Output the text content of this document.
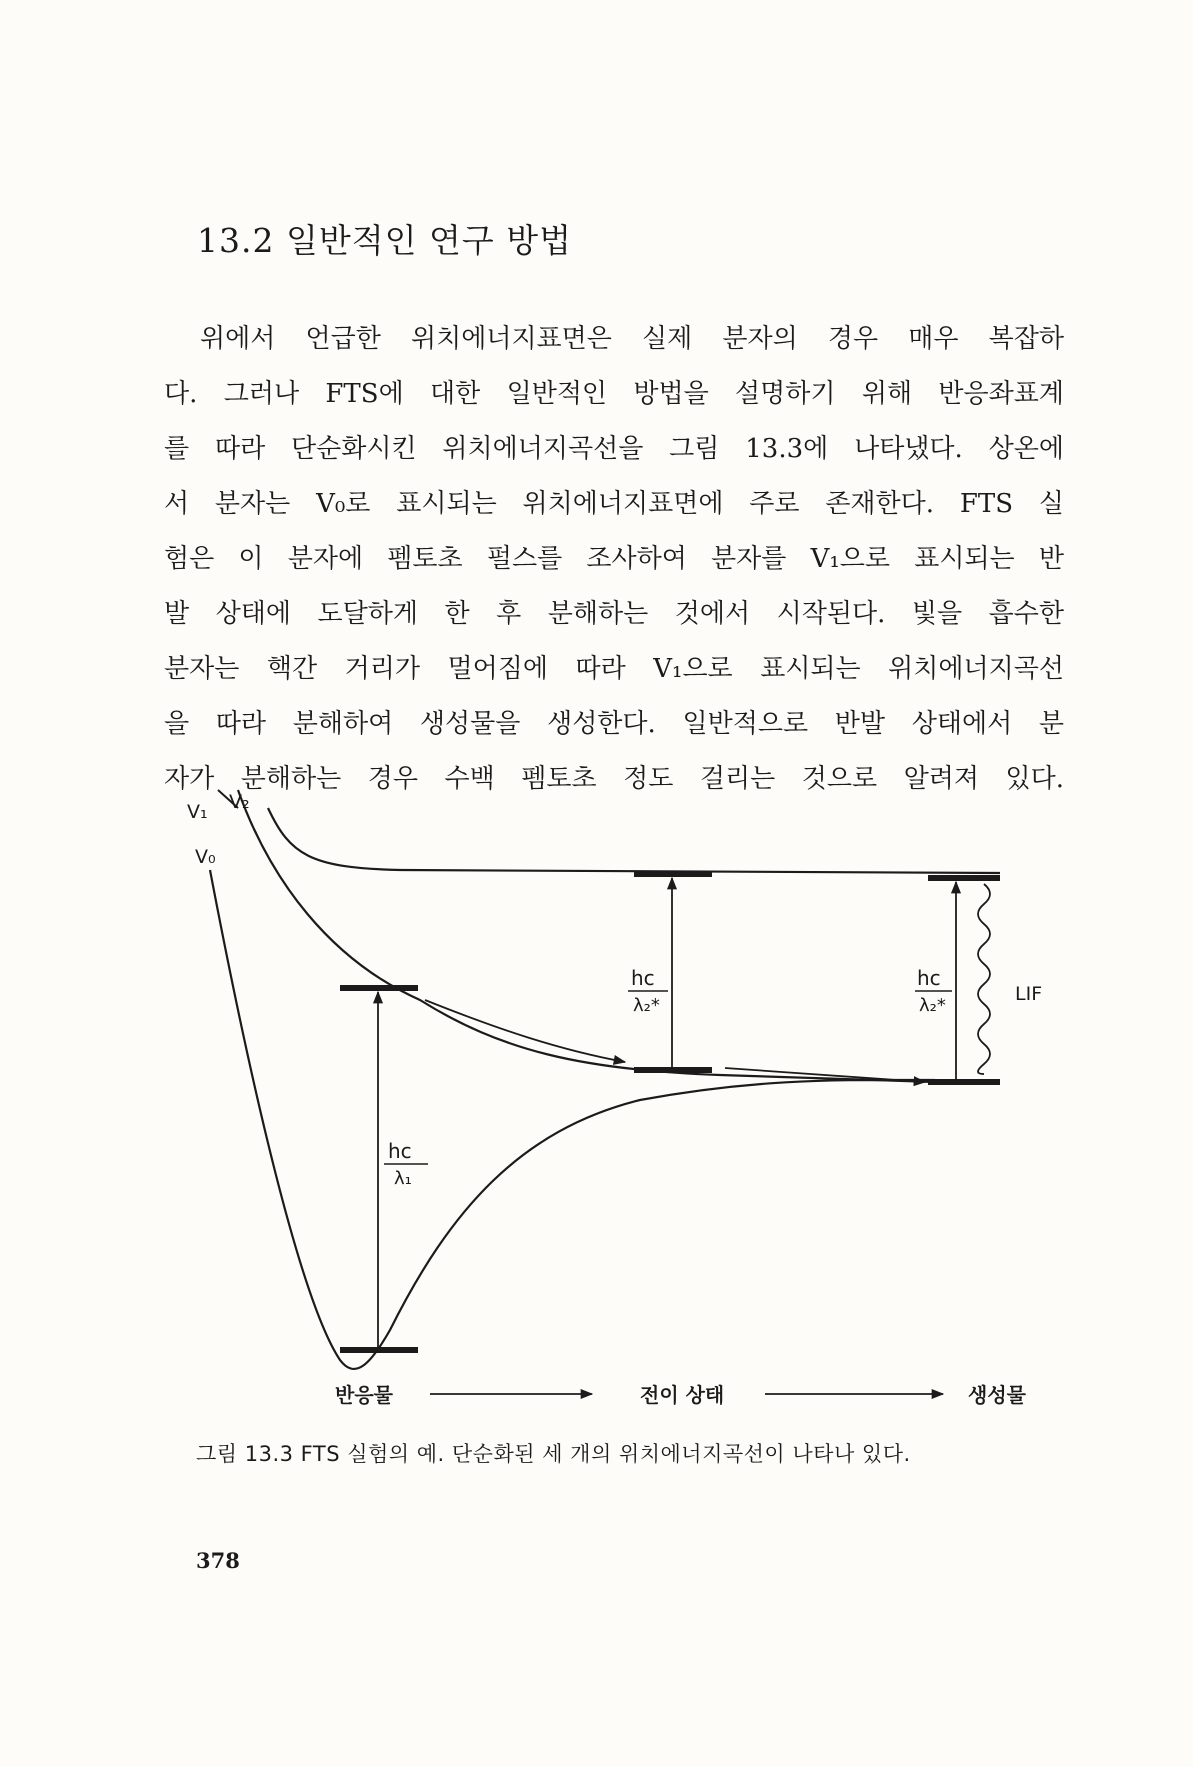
13.2 일반적인 연구 방법
위에서 언급한 위치에너지표면은 실제 분자의 경우 매우 복잡하
다. 그러나 FTS에 대한 일반적인 방법을 설명하기 위해 반응좌표계
를 따라 단순화시킨 위치에너지곡선을 그림 13.3에 나타냈다. 상온에
서 분자는 V₀로 표시되는 위치에너지표면에 주로 존재한다. FTS 실
험은 이 분자에 펨토초 펄스를 조사하여 분자를 V₁으로 표시되는 반
발 상태에 도달하게 한 후 분해하는 것에서 시작된다. 빛을 흡수한
분자는 핵간 거리가 멀어짐에 따라 V₁으로 표시되는 위치에너지곡선
을 따라 분해하여 생성물을 생성한다. 일반적으로 반발 상태에서 분
자가 분해하는 경우 수백 펨토초 정도 걸리는 것으로 알려져 있다.
V₁ V₂
V₀
hc
λ₁
hc
λ₂*
hc
λ₂*
LIF
반응물	전이 상태	생성물
그림 13.3 FTS 실험의 예. 단순화된 세 개의 위치에너지곡선이 나타나 있다.
378
